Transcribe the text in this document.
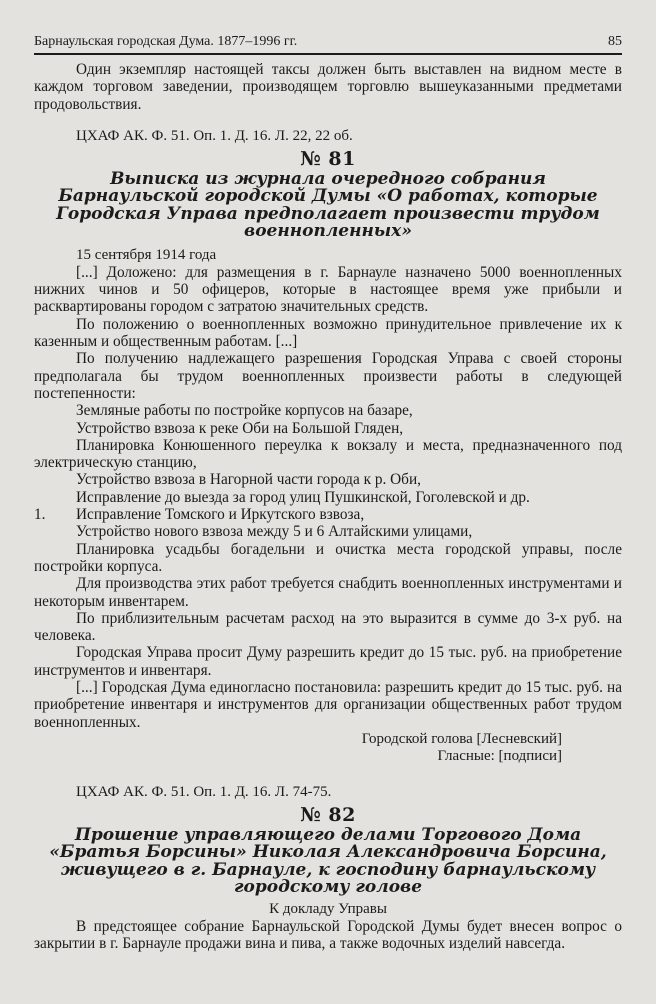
Барнаульская городская Дума. 1877–1996 гг.	85

Один экземпляр настоящей таксы должен быть выставлен на видном месте в каждом торговом заведении, производящем торговлю вышеуказанными предметами продовольствия.

ЦХАФ АК. Ф. 51. Оп. 1. Д. 16. Л. 22, 22 об.
№ 81
Выписка из журнала очередного собрания Барнаульской городской Думы «О работах, которые Городская Управа предполагает произвести трудом военнопленных»
15 сентября 1914 года

[...] Доложено: для размещения в г. Барнауле назначено 5000 военнопленных нижних чинов и 50 офицеров, которые в настоящее время уже прибыли и расквартированы городом с затратою значительных средств.

По положению о военнопленных возможно принудительное привлечение их к казенным и общественным работам. [...]

По получению надлежащего разрешения Городская Управа с своей стороны предполагала бы трудом военнопленных произвести работы в следующей постепенности:

Земляные работы по постройке корпусов на базаре,

Устройство взвоза к реке Оби на Большой Гляден,

Планировка Конюшенного переулка к вокзалу и места, предназначенного под электрическую станцию,

Устройство взвоза в Нагорной части города к р. Оби,

Исправление до выезда за город улиц Пушкинской, Гоголевской и др.

1. Исправление Томского и Иркутского взвоза,

Устройство нового взвоза между 5 и 6 Алтайскими улицами,

Планировка усадьбы богадельни и очистка места городской управы, после постройки корпуса.

Для производства этих работ требуется снабдить военнопленных инструментами и некоторым инвентарем.

По приблизительным расчетам расход на это выразится в сумме до 3-х руб. на человека.

Городская Управа просит Думу разрешить кредит до 15 тыс. руб. на приобретение инструментов и инвентаря.

[...] Городская Дума единогласно постановила: разрешить кредит до 15 тыс. руб. на приобретение инвентаря и инструментов для организации общественных работ трудом военнопленных.

Городской голова [Лесневский]
Гласные: [подписи]
ЦХАФ АК. Ф. 51. Оп. 1. Д. 16. Л. 74-75.
№ 82
Прошение управляющего делами Торгового Дома «Братья Борсины» Николая Александровича Борсина, живущего в г. Барнауле, к господину барнаульскому городскому голове
К докладу Управы

В предстоящее собрание Барнаульской Городской Думы будет внесен вопрос о закрытии в г. Барнауле продажи вина и пива, а также водочных изделий навсегда.
